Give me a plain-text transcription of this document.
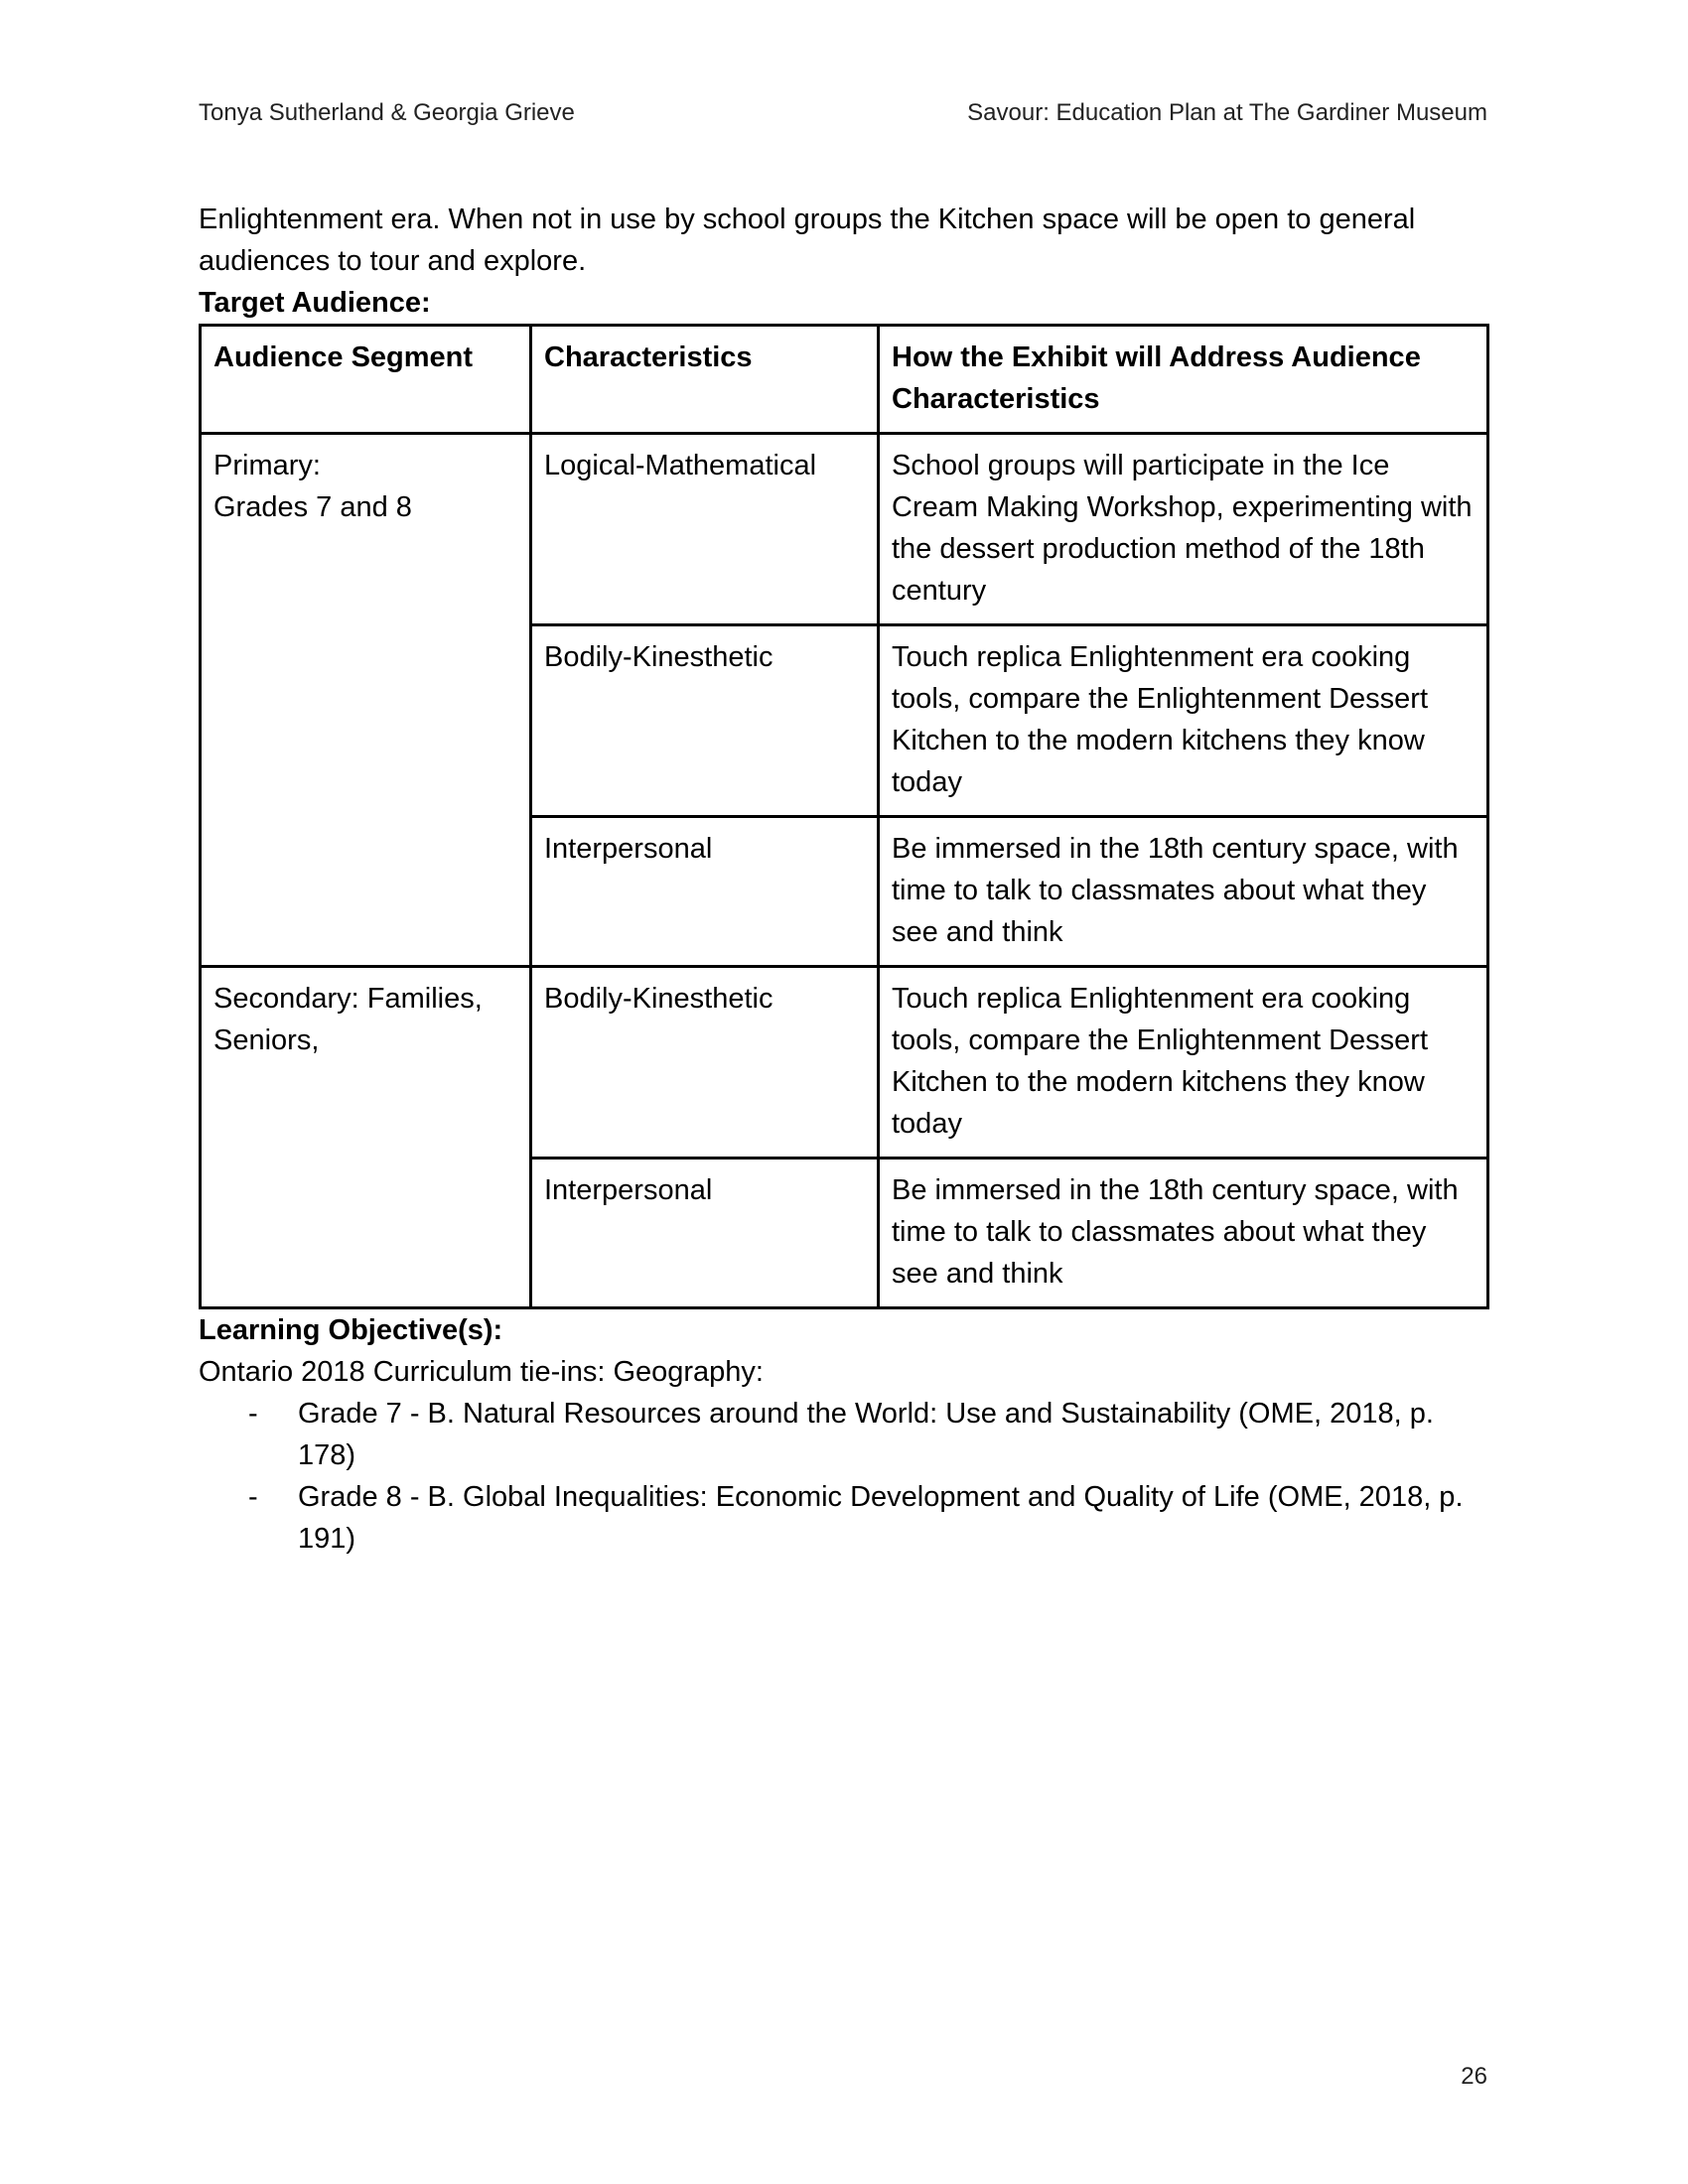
Tonya Sutherland & Georgia Grieve	Savour: Education Plan at The Gardiner Museum

Enlightenment era. When not in use by school groups the Kitchen space will be open to general audiences to tour and explore.

Target Audience:

Audience Segment	Characteristics	How the Exhibit will Address Audience Characteristics

Primary:
Grades 7 and 8	Logical-Mathematical	School groups will participate in the Ice Cream Making Workshop, experimenting with the dessert production method of the 18th century
	Bodily-Kinesthetic	Touch replica Enlightenment era cooking tools, compare the Enlightenment Dessert Kitchen to the modern kitchens they know today
	Interpersonal	Be immersed in the 18th century space, with time to talk to classmates about what they see and think
Secondary: Families, Seniors,	Bodily-Kinesthetic	Touch replica Enlightenment era cooking tools, compare the Enlightenment Dessert Kitchen to the modern kitchens they know today
	Interpersonal	Be immersed in the 18th century space, with time to talk to classmates about what they see and think

Learning Objective(s):

Ontario 2018 Curriculum tie-ins: Geography:

- Grade 7 - B. Natural Resources around the World: Use and Sustainability (OME, 2018, p. 178)
- Grade 8 - B. Global Inequalities: Economic Development and Quality of Life (OME, 2018, p. 191)
26
